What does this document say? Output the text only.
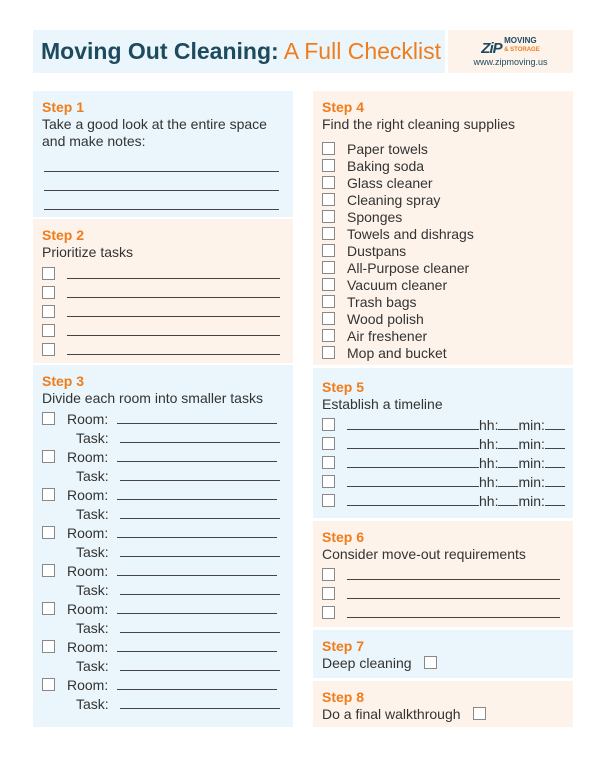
Moving Out Cleaning: A Full Checklist	ZiP MOVING
& STORAGE
www.zipmoving.us
Step 1
Take a good look at the entire space and make notes:
Step 2
Prioritize tasks
Step 3
Divide each room into smaller tasks
Room:
Task:
Room:
Task:
Room:
Task:
Room:
Task:
Room:
Task:
Room:
Task:
Room:
Task:
Room:
Task:
Step 4
Find the right cleaning supplies
Paper towels
Baking soda
Glass cleaner
Cleaning spray
Sponges
Towels and dishrags
Dustpans
All-Purpose cleaner
Vacuum cleaner
Trash bags
Wood polish
Air freshener
Mop and bucket
Step 5
Establish a timeline
hh: min:
hh: min:
hh: min:
hh: min:
hh: min:
Step 6
Consider move-out requirements
Step 7
Deep cleaning
Step 8
Do a final walkthrough
